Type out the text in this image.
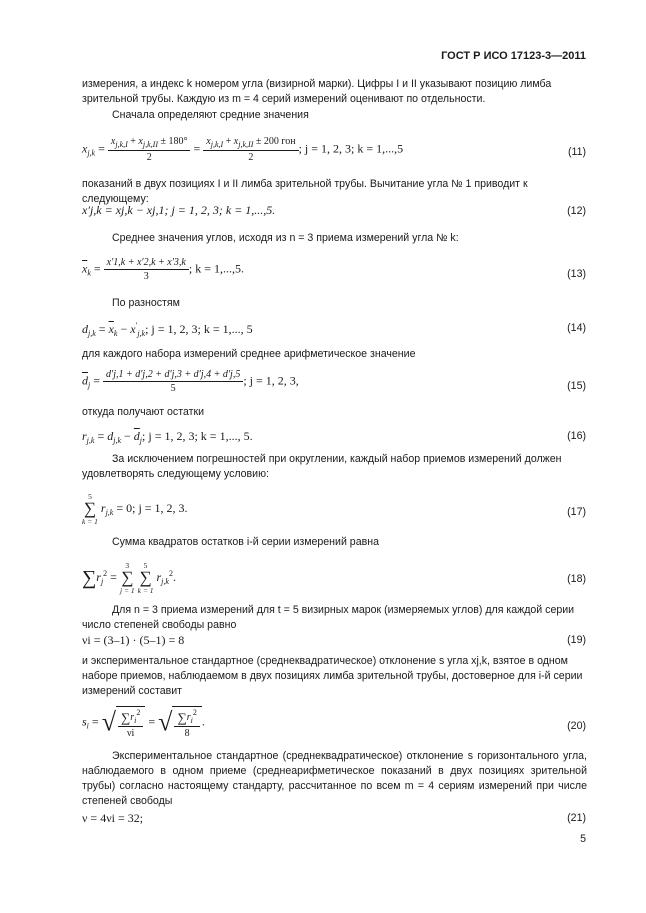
ГОСТ Р ИСО 17123-3—2011
измерения, а индекс k номером угла (визирной марки). Цифры I и II указывают позицию лимба зрительной трубы. Каждую из m = 4 серий измерений оценивают по отдельности.
Сначала определяют средние значения
$x_{j,k} = \frac{x_{j,k,I} + x_{j,k,II} \pm 180^\circ}{2} = \frac{x_{j,k,I} + x_{j,k,II} \pm 200 гон}{2}$ ; j = 1, 2, 3; k = 1,...,5	(11)
показаний в двух позициях I и II лимба зрительной трубы. Вычитание угла № 1 приводит к следующему:
x′j,k = xj,k − xj,1; j = 1, 2, 3; k = 1,...,5.	(12)
Среднее значения углов, исходя из n = 3 приема измерений угла № k:
$\overline{x}_k = \frac{x'1,k + x'2,k + x'3,k}{3}$ ; k = 1,...,5.	(13)
По разностям
$d_{j,k} = \overline{x}_k - x'_{j,k}$; j = 1, 2, 3; k = 1,..., 5	(14)
для каждого набора измерений среднее арифметическое значение
$\overline{d}_j = \frac{d'j,1 + d'j,2 + d'j,3 + d'j,4 + d'j,5}{5}$ ; j = 1, 2, 3,	(15)
откуда получают остатки
$r_{j,k} = d_{j,k} - \overline{d}_j$; j = 1, 2, 3; k = 1,..., 5.	(16)
За исключением погрешностей при округлении, каждый набор приемов измерений должен удовлетворять следующему условию:
5
∑
k = 1
$r_{j,k} = 0$; j = 1, 2, 3.	(17)
Сумма квадратов остатков i-й серии измерений равна
$\sum r_j^2$ =
3
∑
j = 1

5
∑
k = 1
$r_{j,k}^2$.	(18)
Для n = 3 приема измерений для t = 5 визирных марок (измеряемых углов) для каждой серии число степеней свободы равно
νi = (3–1) · (5–1) = 8	(19)
и экспериментальное стандартное (среднеквадратическое) отклонение s угла xj,k, взятое в одном наборе приемов, наблюдаемом в двух позициях лимба зрительной трубы, достоверное для i-й серии измерений составит
$s_i$ = √ $\frac{\sum r_i^2}{\nu i}$ = √ $\frac{\sum r_i^2}{8}$ .	(20)
Экспериментальное стандартное (среднеквадратическое) отклонение s горизонтального угла, наблюдаемого в одном приеме (среднеарифметическое показаний в двух позициях зрительной трубы) согласно настоящему стандарту, рассчитанное по всем m = 4 сериям измерений при числе степеней свободы
ν = 4νi = 32;	(21)
5
